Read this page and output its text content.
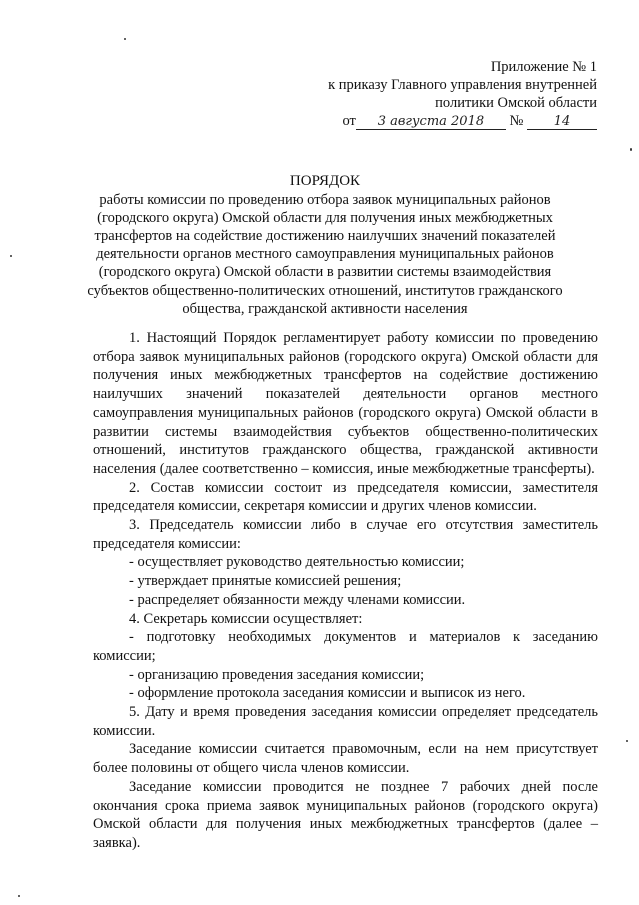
Приложение № 1
к приказу Главного управления внутренней
политики Омской области
от 3 августа 2018 № 14
ПОРЯДОК
работы комиссии по проведению отбора заявок муниципальных районов (городского округа) Омской области для получения иных межбюджетных трансфертов на содействие достижению наилучших значений показателей деятельности органов местного самоуправления муниципальных районов (городского округа) Омской области в развитии системы взаимодействия субъектов общественно-политических отношений, институтов гражданского общества, гражданской активности населения

1. Настоящий Порядок регламентирует работу комиссии по проведению отбора заявок муниципальных районов (городского округа) Омской области для получения иных межбюджетных трансфертов на содействие достижению наилучших значений показателей деятельности органов местного самоуправления муниципальных районов (городского округа) Омской области в развитии системы взаимодействия субъектов общественно-политических отношений, институтов гражданского общества, гражданской активности населения (далее соответственно – комиссия, иные межбюджетные трансферты).

2. Состав комиссии состоит из председателя комиссии, заместителя председателя комиссии, секретаря комиссии и других членов комиссии.

3. Председатель комиссии либо в случае его отсутствия заместитель председателя комиссии:

- осуществляет руководство деятельностью комиссии;

- утверждает принятые комиссией решения;

- распределяет обязанности между членами комиссии.

4. Секретарь комиссии осуществляет:

- подготовку необходимых документов и материалов к заседанию комиссии;

- организацию проведения заседания комиссии;

- оформление протокола заседания комиссии и выписок из него.

5. Дату и время проведения заседания комиссии определяет председатель комиссии.

Заседание комиссии считается правомочным, если на нем присутствует более половины от общего числа членов комиссии.

Заседание комиссии проводится не позднее 7 рабочих дней после окончания срока приема заявок муниципальных районов (городского округа) Омской области для получения иных межбюджетных трансфертов (далее – заявка).
